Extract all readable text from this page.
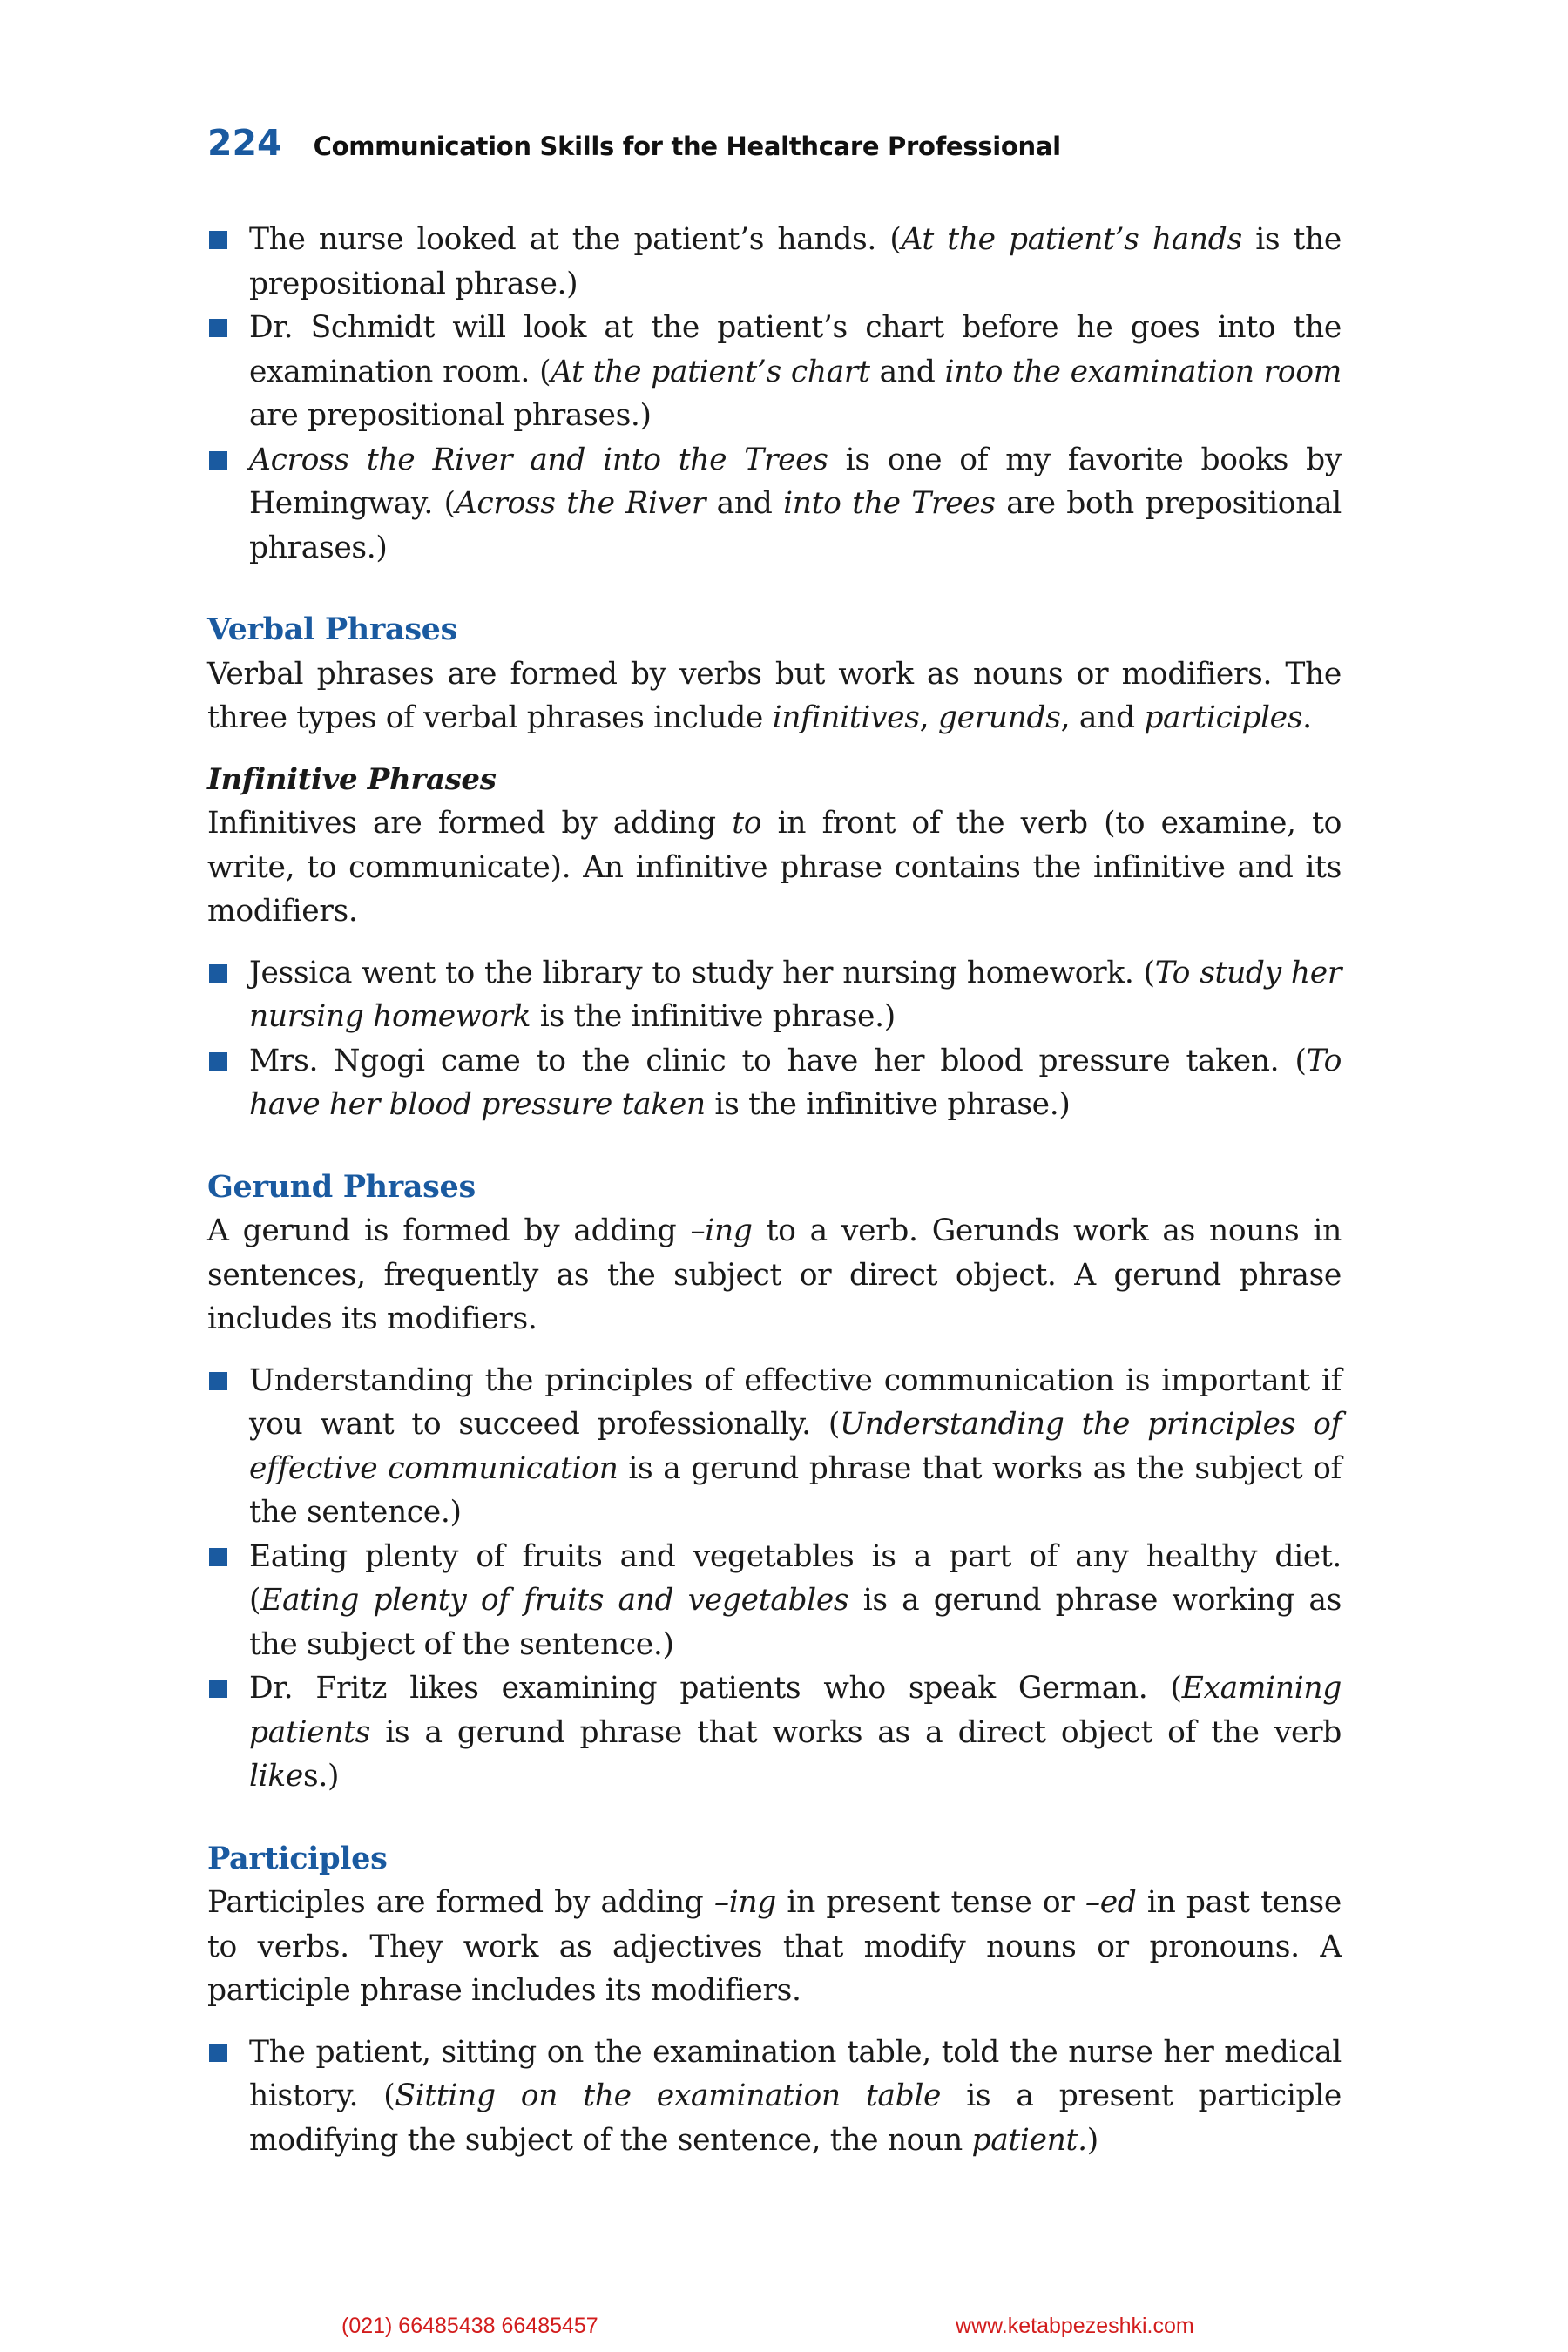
224 Communication Skills for the Healthcare Professional
The nurse looked at the patient’s hands. (At the patient’s hands is the prepositional phrase.)
Dr. Schmidt will look at the patient’s chart before he goes into the examination room. (At the patient’s chart and into the examination room are prepositional phrases.)
Across the River and into the Trees is one of my favorite books by Hemingway. (Across the River and into the Trees are both prepositional phrases.)
Verbal Phrases

Verbal phrases are formed by verbs but work as nouns or modifiers. The three types of verbal phrases include infinitives, gerunds, and participles.

Infinitive Phrases

Infinitives are formed by adding to in front of the verb (to examine, to write, to communicate). An infinitive phrase contains the infinitive and its modifiers.

Jessica went to the library to study her nursing homework. (To study her nursing homework is the infinitive phrase.)
Mrs. Ngogi came to the clinic to have her blood pressure taken. (To have her blood pressure taken is the infinitive phrase.)
Gerund Phrases

A gerund is formed by adding –ing to a verb. Gerunds work as nouns in sentences, frequently as the subject or direct object. A gerund phrase includes its modifiers.

Understanding the principles of effective communication is important if you want to succeed professionally. (Understanding the principles of effective communication is a gerund phrase that works as the subject of the sentence.)
Eating plenty of fruits and vegetables is a part of any healthy diet. (Eating plenty of fruits and vegetables is a gerund phrase working as the subject of the sentence.)
Dr. Fritz likes examining patients who speak German. (Examining patients is a gerund phrase that works as a direct object of the verb likes.)
Participles

Participles are formed by adding –ing in present tense or –ed in past tense to verbs. They work as adjectives that modify nouns or pronouns. A participle phrase includes its modifiers.

The patient, sitting on the examination table, told the nurse her medical history. (Sitting on the examination table is a present participle modifying the subject of the sentence, the noun patient.)
(021) 66485438 66485457	www.ketabpezeshki.com
